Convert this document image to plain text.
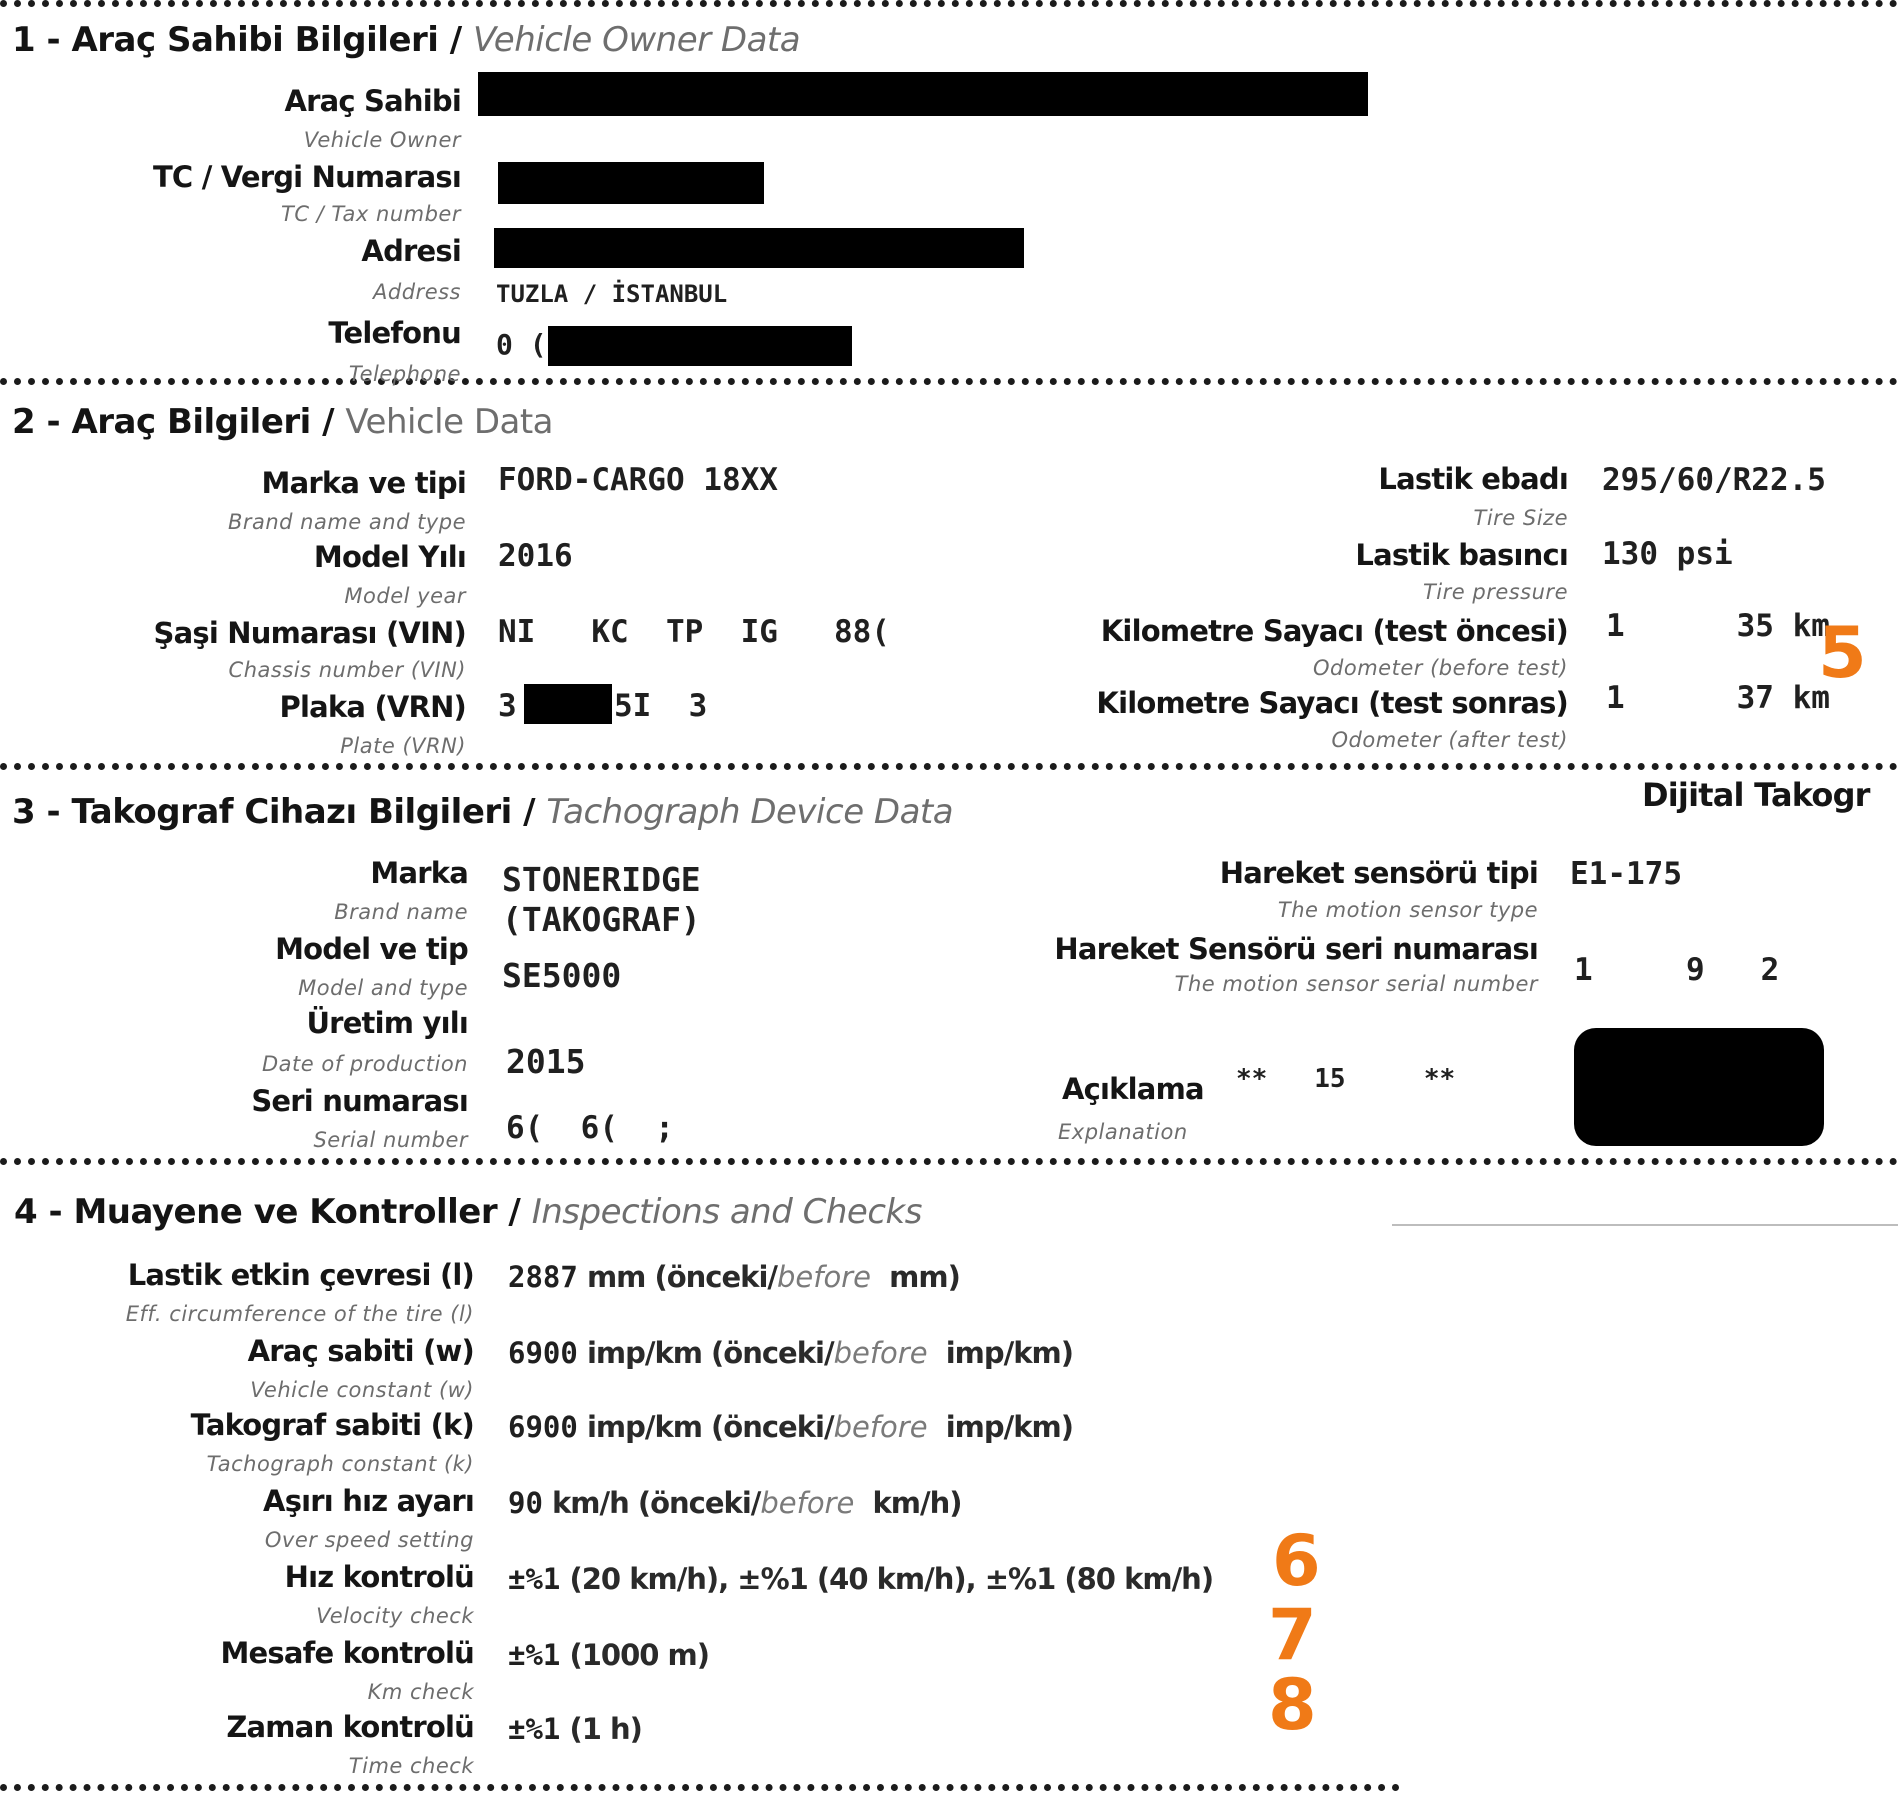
1 - Araç Sahibi Bilgileri / Vehicle Owner Data
Araç Sahibi
Vehicle Owner
TC / Vergi Numarası
TC / Tax number
Adresi
Address TUZLA / İSTANBUL
Telefonu
Telephone
0 (
2 - Araç Bilgileri / Vehicle Data
Marka ve tipi
Brand name and type
FORD-CARGO 18XX
Model Yılı
Model year
2016
Şaşi Numarası (VIN)
Chassis number (VIN)
NI   KC  TP  IG   88(
Plaka (VRN)
Plate (VRN)
3	5I  3
Lastik ebadı
Tire Size
295/60/R22.5
Lastik basıncı
Tire pressure
130 psi
Kilometre Sayacı (test öncesi)
Odometer (before test)
1      35 km
Kilometre Sayacı (test sonras)
Odometer (after test)
1      37 km
5
3 - Takograf Cihazı Bilgileri / Tachograph Device Data	Dijital Takogr
Marka
Brand name
STONERIDGE
(TAKOGRAF)
Model ve tip
Model and type SE5000
Üretim yılı
Date of production 2015
Seri numarası
Serial number 6(  6(  ;
Hareket sensörü tipi
The motion sensor type
E1-175
Hareket Sensörü seri numarası
The motion sensor serial number 1     9   2
Açıklama
Explanation
**   15     **
4 - Muayene ve Kontroller / Inspections and Checks
Lastik etkin çevresi (l)
Eff. circumference of the tire (l)
2887 mm (önceki/before  mm)
Araç sabiti (w)
Vehicle constant (w)
6900 imp/km (önceki/before  imp/km)
Takograf sabiti (k)
Tachograph constant (k)
6900 imp/km (önceki/before  imp/km)
Aşırı hız ayarı
Over speed setting
90 km/h (önceki/before  km/h)
Hız kontrolü
Velocity check
±%1 (20 km/h), ±%1 (40 km/h), ±%1 (80 km/h)
Mesafe kontrolü
Km check
±%1 (1000 m)
Zaman kontrolü
Time check
±%1 (1 h)
6
7
8
